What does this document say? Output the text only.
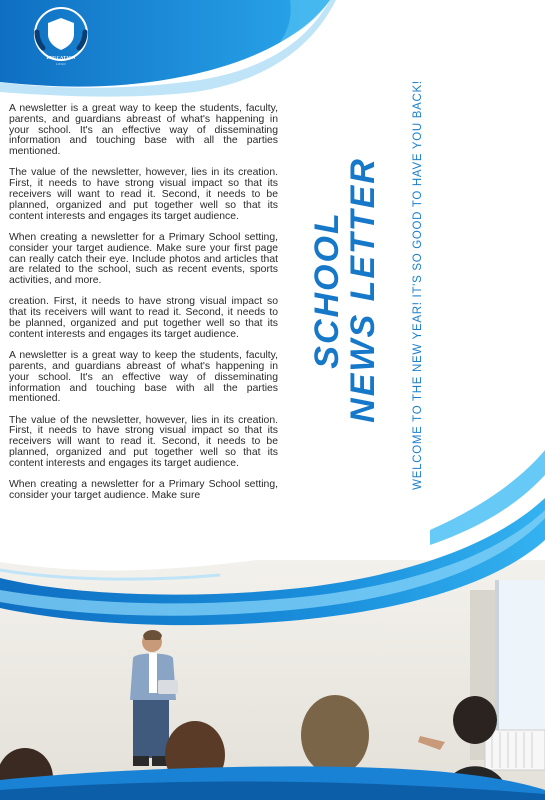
EDUCATION
LOGO

A newsletter is a great way to keep the students, faculty, parents, and guardians abreast of what's happening in your school. It's an effective way of disseminating information and touching base with all the parties mentioned.

The value of the newsletter, however, lies in its creation. First, it needs to have strong visual impact so that its receivers will want to read it. Second, it needs to be planned, organized and put together well so that its content interests and engages its target audience.

When creating a newsletter for a Primary School setting, consider your target audience. Make sure your first page can really catch their eye. Include photos and articles that are related to the school, such as recent events, sports activities, and more.

creation. First, it needs to have strong visual impact so that its receivers will want to read it. Second, it needs to be planned, organized and put together well so that its content interests and engages its target audience.

A newsletter is a great way to keep the students, faculty, parents, and guardians abreast of what's happening in your school. It's an effective way of disseminating information and touching base with all the parties mentioned.

The value of the newsletter, however, lies in its creation. First, it needs to have strong visual impact so that its receivers will want to read it. Second, it needs to be planned, organized and put together well so that its content interests and engages its target audience.

When creating a newsletter for a Primary School setting, consider your target audience. Make sure

SCHOOL
NEWS LETTER	WELCOME TO THE NEW YEAR! IT'S SO GOOD TO HAVE YOU BACK!
